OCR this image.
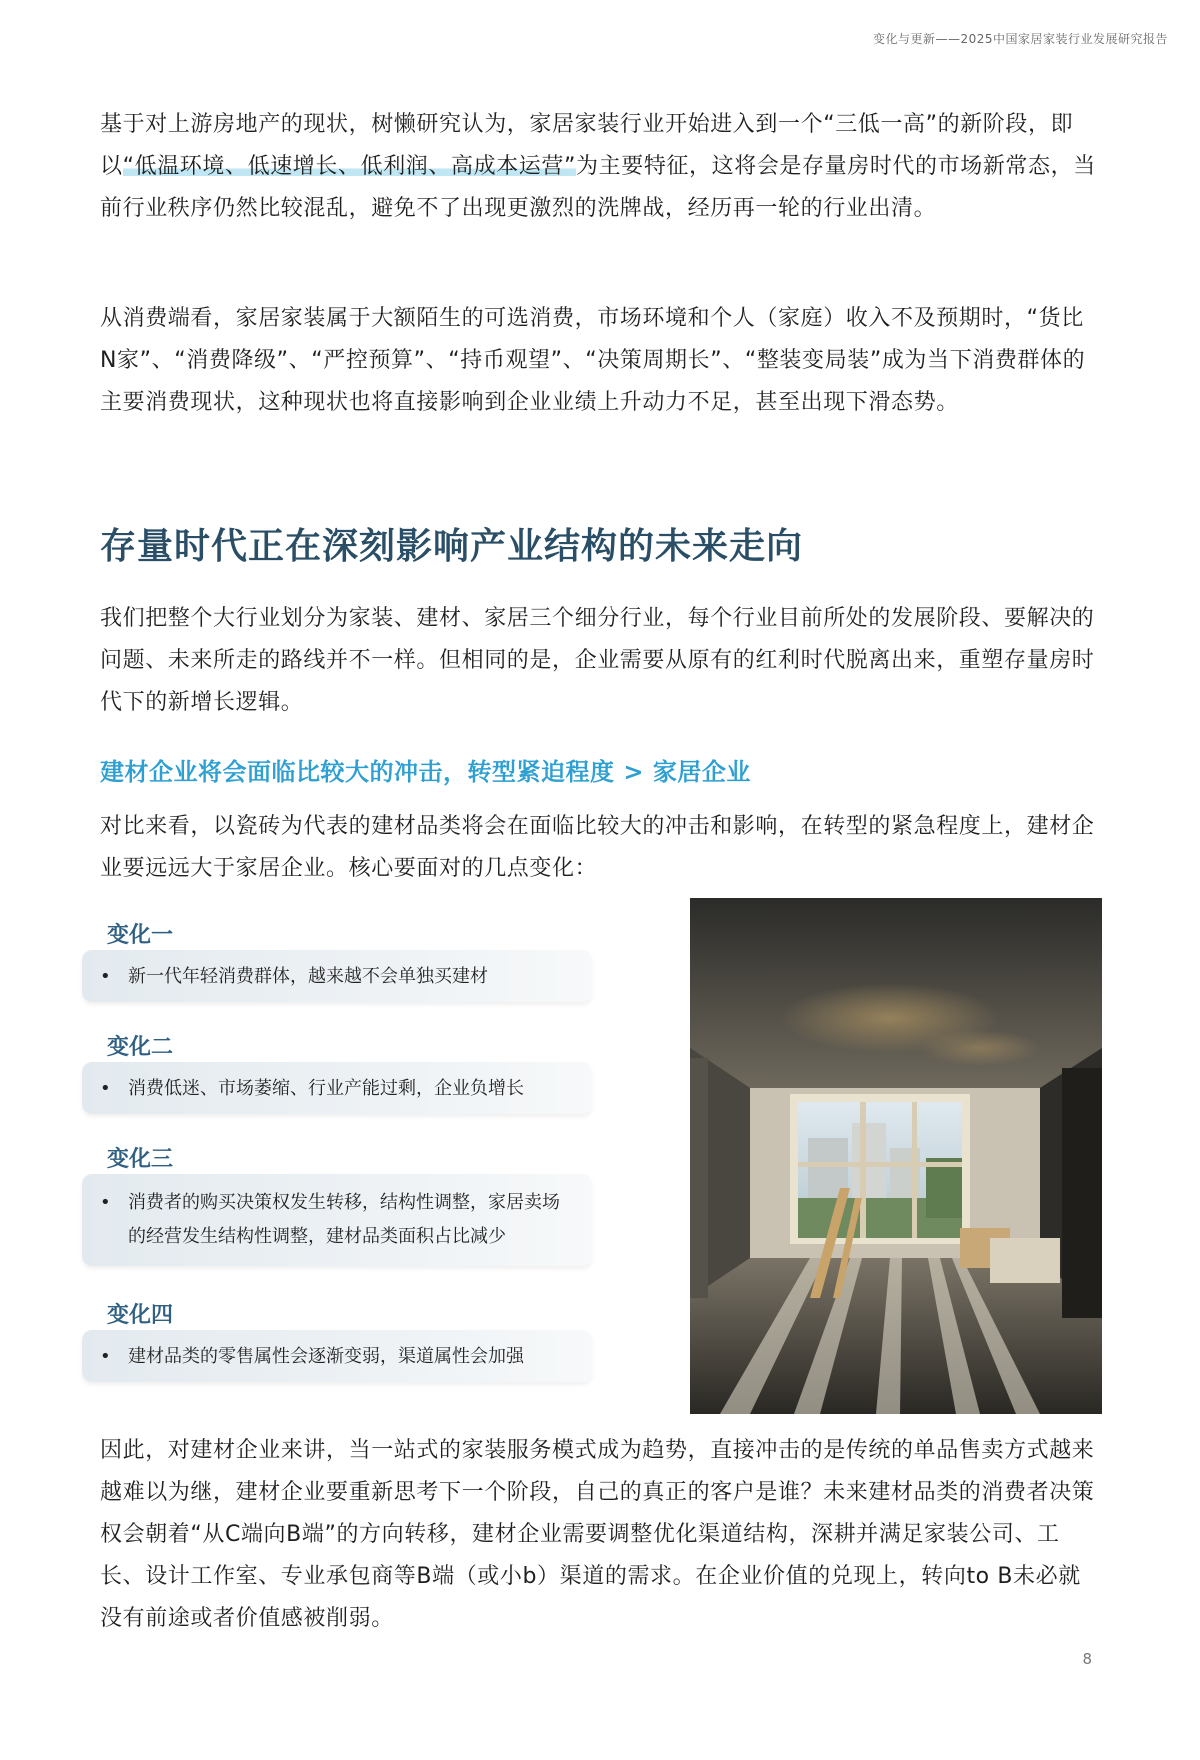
变化与更新——2025中国家居家装行业发展研究报告

基于对上游房地产的现状，树懒研究认为，家居家装行业开始进入到一个“三低一高”的新阶段，即以“低温环境、低速增长、低利润、高成本运营”为主要特征，这将会是存量房时代的市场新常态，当前行业秩序仍然比较混乱，避免不了出现更激烈的洗牌战，经历再一轮的行业出清。

从消费端看，家居家装属于大额陌生的可选消费，市场环境和个人（家庭）收入不及预期时，“货比N家”、“消费降级”、“严控预算”、“持币观望”、“决策周期长”、“整装变局装”成为当下消费群体的主要消费现状，这种现状也将直接影响到企业业绩上升动力不足，甚至出现下滑态势。

存量时代正在深刻影响产业结构的未来走向

我们把整个大行业划分为家装、建材、家居三个细分行业，每个行业目前所处的发展阶段、要解决的问题、未来所走的路线并不一样。但相同的是，企业需要从原有的红利时代脱离出来，重塑存量房时代下的新增长逻辑。

建材企业将会面临比较大的冲击，转型紧迫程度 > 家居企业

对比来看，以瓷砖为代表的建材品类将会在面临比较大的冲击和影响，在转型的紧急程度上，建材企业要远远大于家居企业。核心要面对的几点变化：

变化一
• 新一代年轻消费群体，越来越不会单独买建材
变化二
• 消费低迷、市场萎缩、行业产能过剩，企业负增长
变化三
• 消费者的购买决策权发生转移，结构性调整，家居卖场的经营发生结构性调整，建材品类面积占比减少
变化四
• 建材品类的零售属性会逐渐变弱，渠道属性会加强

因此，对建材企业来讲，当一站式的家装服务模式成为趋势，直接冲击的是传统的单品售卖方式越来越难以为继，建材企业要重新思考下一个阶段，自己的真正的客户是谁？未来建材品类的消费者决策权会朝着“从C端向B端”的方向转移，建材企业需要调整优化渠道结构，深耕并满足家装公司、工长、设计工作室、专业承包商等B端（或小b）渠道的需求。在企业价值的兑现上，转向to B未必就没有前途或者价值感被削弱。

8
